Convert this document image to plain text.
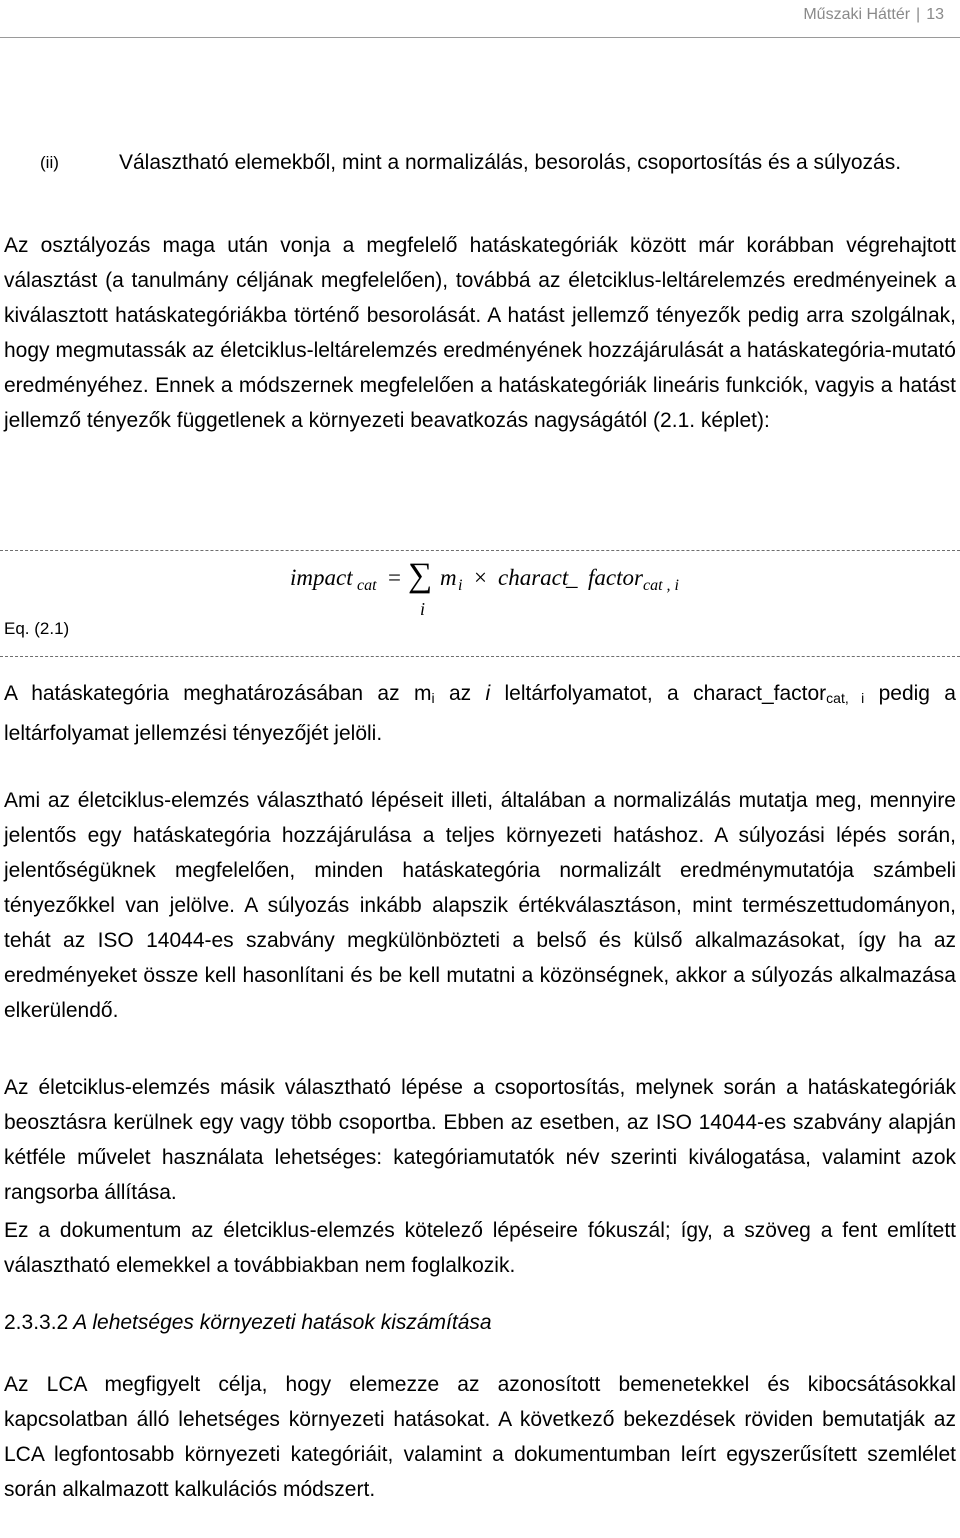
Műszaki Háttér | 13
(ii)	Választható elemekből, mint a normalizálás, besorolás, csoportosítás és a súlyozás.

Az osztályozás maga után vonja a megfelelő hatáskategóriák között már korábban végrehajtott választást (a tanulmány céljának megfelelően), továbbá az életciklus-leltárelemzés eredményeinek a kiválasztott hatáskategóriákba történő besorolását. A hatást jellemző tényezők pedig arra szolgálnak, hogy megmutassák az életciklus-leltárelemzés eredményének hozzájárulását a hatáskategória-mutató eredményéhez. Ennek a módszernek megfelelően a hatáskategóriák lineáris funkciók, vagyis a hatást jellemző tényezők függetlenek a környezeti beavatkozás nagyságától (2.1. képlet):

impact cat = ∑
i
m i × charact
_ factor cat , i
Eq. (2.1)

A hatáskategória meghatározásában az mi az i leltárfolyamatot, a charact_factorcat, i pedig a leltárfolyamat jellemzési tényezőjét jelöli.

Ami az életciklus-elemzés választható lépéseit illeti, általában a normalizálás mutatja meg, mennyire jelentős egy hatáskategória hozzájárulása a teljes környezeti hatáshoz. A súlyozási lépés során, jelentőségüknek megfelelően, minden hatáskategória normalizált eredménymutatója számbeli tényezőkkel van jelölve. A súlyozás inkább alapszik értékválasztáson, mint természettudományon, tehát az ISO 14044-es szabvány megkülönbözteti a belső és külső alkalmazásokat, így ha az eredményeket össze kell hasonlítani és be kell mutatni a közönségnek, akkor a súlyozás alkalmazása elkerülendő.

Az életciklus-elemzés másik választható lépése a csoportosítás, melynek során a hatáskategóriák beosztásra kerülnek egy vagy több csoportba. Ebben az esetben, az ISO 14044-es szabvány alapján kétféle művelet használata lehetséges: kategóriamutatók név szerinti kiválogatása, valamint azok rangsorba állítása.

Ez a dokumentum az életciklus-elemzés kötelező lépéseire fókuszál; így, a szöveg a fent említett választható elemekkel a továbbiakban nem foglalkozik.

2.3.3.2 A lehetséges környezeti hatások kiszámítása

Az LCA megfigyelt célja, hogy elemezze az azonosított bemenetekkel és kibocsátásokkal kapcsolatban álló lehetséges környezeti hatásokat. A következő bekezdések röviden bemutatják az LCA legfontosabb környezeti kategóriáit, valamint a dokumentumban leírt egyszerűsített szemlélet során alkalmazott kalkulációs módszert.
